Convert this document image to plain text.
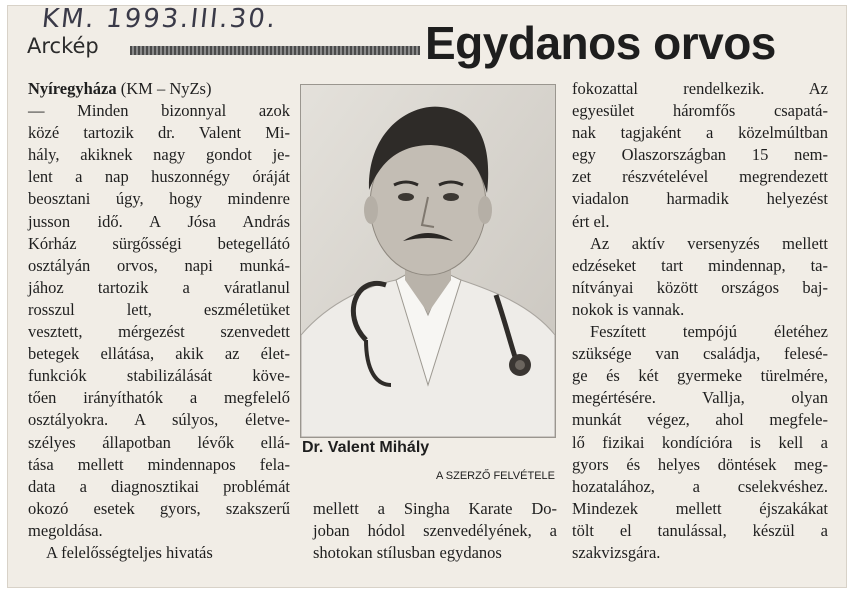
KM. 1993.III.30.
Arckép	Egydanos orvos

Nyíregyháza (KM – NyZs)

— Minden bizonnyal azok
közé tartozik dr. Valent Mi-
hály, akiknek nagy gondot je-
lent a nap huszonnégy óráját
beosztani úgy, hogy mindenre
jusson idő. A Jósa András
Kórház sürgősségi betegellátó
osztályán orvos, napi munká-
jához tartozik a váratlanul
rosszul lett, eszméletüket
vesztett, mérgezést szenvedett
betegek ellátása, akik az élet-
funkciók stabilizálását köve-
tően irányíthatók a megfelelő
osztályokra. A súlyos, életve-
szélyes állapotban lévők ellá-
tása mellett mindennapos fela-
data a diagnosztikai problémát
okozó esetek gyors, szakszerű
megoldása.

A felelősségteljes hivatás

Dr. Valent Mihály
A SZERZŐ FELVÉTELE
mellett a Singha Karate Do-
joban hódol szenvedélyének, a
shotokan stílusban egydanos
fokozattal rendelkezik. Az
egyesület háromfős csapatá-
nak tagjaként a közelmúltban
egy Olaszországban 15 nem-
zet részvételével megrendezett
viadalon harmadik helyezést
ért el.
Az aktív versenyzés mellett
edzéseket tart mindennap, ta-
nítványai között országos baj-
nokok is vannak.
Feszített tempójú életéhez
szüksége van családja, felesé-
ge és két gyermeke türelmére,
megértésére. Vallja, olyan
munkát végez, ahol megfele-
lő fizikai kondícióra is kell a
gyors és helyes döntések meg-
hozatalához, a cselekvéshez.
Mindezek mellett éjszakákat
tölt el tanulással, készül a
szakvizsgára.
